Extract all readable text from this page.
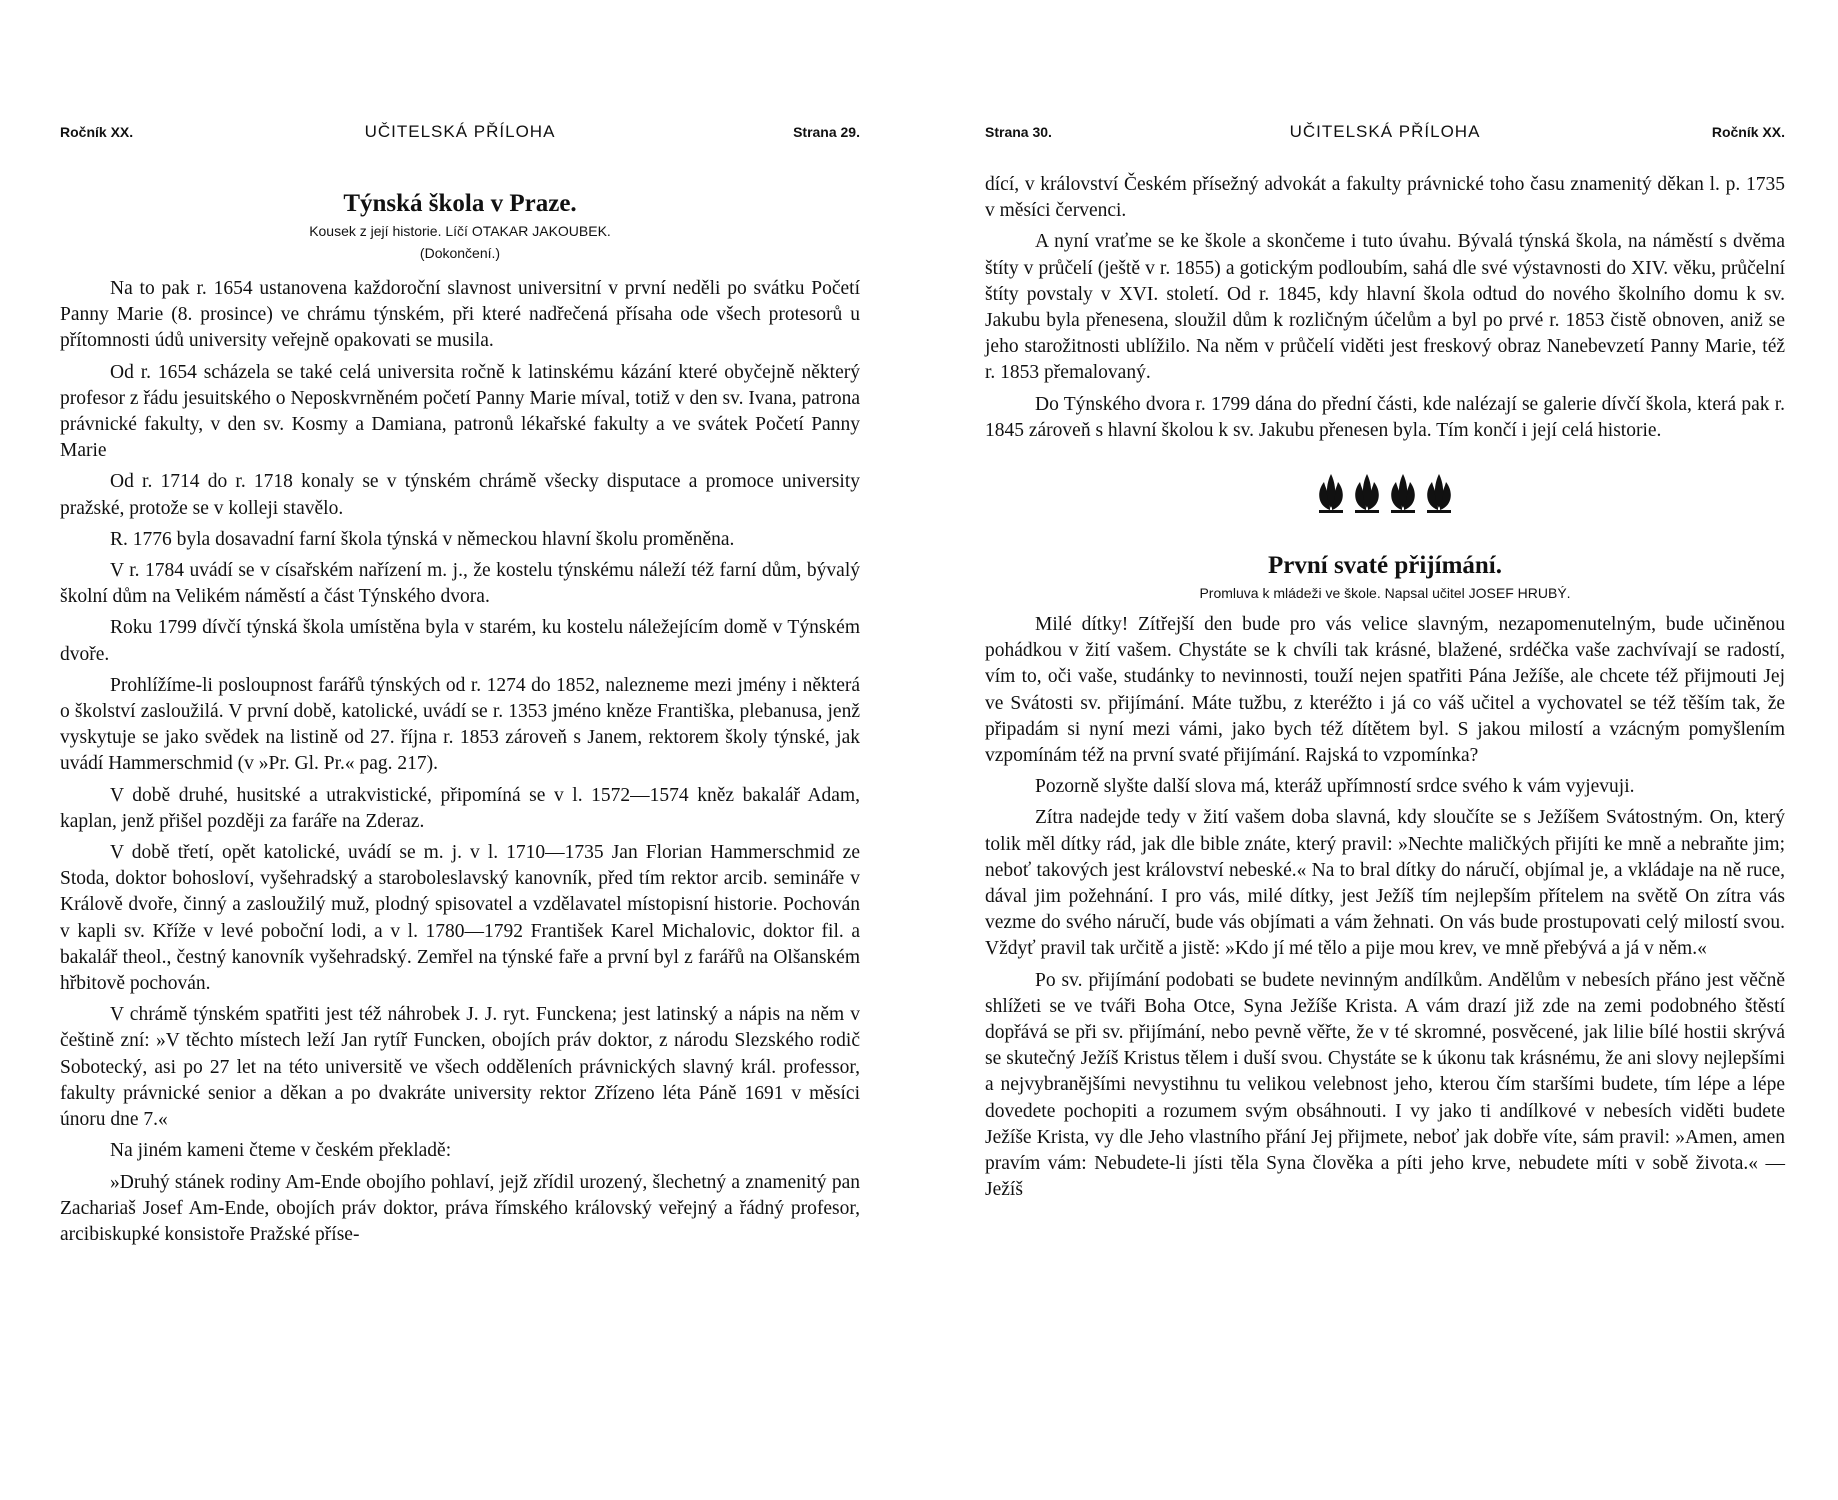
Ročník XX.	UČITELSKÁ PŘÍLOHA	Strana 29.
Týnská škola v Praze.
Kousek z její historie. Líčí OTAKAR JAKOUBEK.
(Dokončení.)

Na to pak r. 1654 ustanovena každoroční slavnost universitní v první neděli po svátku Početí Panny Marie (8. prosince) ve chrámu týnském, při které nadřečená přísaha ode všech protesorů u přítomnosti údů university veřejně opakovati se musila.

Od r. 1654 scházela se také celá universita ročně k latinskému kázání které obyčejně některý profesor z řádu jesuitského o Neposkvrněném početí Panny Marie míval, totiž v den sv. Ivana, patrona právnické fakulty, v den sv. Kosmy a Damiana, patronů lékařské fakulty a ve svátek Početí Panny Marie

Od r. 1714 do r. 1718 konaly se v týnském chrámě všecky disputace a promoce university pražské, protože se v kolleji stavělo.

R. 1776 byla dosavadní farní škola týnská v německou hlavní školu proměněna.

V r. 1784 uvádí se v císařském nařízení m. j., že kostelu týnskému náleží též farní dům, bývalý školní dům na Velikém náměstí a část Týnského dvora.

Roku 1799 dívčí týnská škola umístěna byla v starém, ku kostelu náležejícím domě v Týnském dvoře.

Prohlížíme-li posloupnost farářů týnských od r. 1274 do 1852, nalezneme mezi jmény i některá o školství zasloužilá. V první době, katolické, uvádí se r. 1353 jméno kněze Františka, plebanusa, jenž vyskytuje se jako svědek na listině od 27. října r. 1853 zároveň s Janem, rektorem školy týnské, jak uvádí Hammerschmid (v »Pr. Gl. Pr.« pag. 217).

V době druhé, husitské a utrakvistické, připomíná se v l. 1572—1574 kněz bakalář Adam, kaplan, jenž přišel později za faráře na Zderaz.

V době třetí, opět katolické, uvádí se m. j. v l. 1710—1735 Jan Florian Hammerschmid ze Stoda, doktor bohosloví, vyšehradský a staroboleslavský kanovník, před tím rektor arcib. semináře v Králově dvoře, činný a zasloužilý muž, plodný spisovatel a vzdělavatel místopisní historie. Pochován v kapli sv. Kříže v levé poboční lodi, a v l. 1780—1792 František Karel Michalovic, doktor fil. a bakalář theol., čestný kanovník vyšehradský. Zemřel na týnské faře a první byl z farářů na Olšanském hřbitově pochován.

V chrámě týnském spatřiti jest též náhrobek J. J. ryt. Funckena; jest latinský a nápis na něm v češtině zní: »V těchto místech leží Jan rytíř Funcken, obojích práv doktor, z národu Slezského rodič Sobotecký, asi po 27 let na této universitě ve všech odděleních právnických slavný král. professor, fakulty právnické senior a děkan a po dvakráte university rektor Zřízeno léta Páně 1691 v měsíci únoru dne 7.«

Na jiném kameni čteme v českém překladě:

»Druhý stánek rodiny Am-Ende obojího pohlaví, jejž zřídil urozený, šlechetný a znamenitý pan Zachariaš Josef Am-Ende, obojích práv doktor, práva římského královský veřejný a řádný profesor, arcibiskupké konsistoře Pražské příse-

Strana 30.	UČITELSKÁ PŘÍLOHA	Ročník XX.

dící, v království Českém přísežný advokát a fakulty právnické toho času znamenitý děkan l. p. 1735 v měsíci červenci.

A nyní vraťme se ke škole a skončeme i tuto úvahu. Bývalá týnská škola, na náměstí s dvěma štíty v průčelí (ještě v r. 1855) a gotickým podloubím, sahá dle své výstavnosti do XIV. věku, průčelní štíty povstaly v XVI. století. Od r. 1845, kdy hlavní škola odtud do nového školního domu k sv. Jakubu byla přenesena, sloužil dům k rozličným účelům a byl po prvé r. 1853 čistě obnoven, aniž se jeho starožitnosti ublížilo. Na něm v průčelí viděti jest freskový obraz Nanebevzetí Panny Marie, též r. 1853 přemalovaný.

Do Týnského dvora r. 1799 dána do přední části, kde nalézají se galerie dívčí škola, která pak r. 1845 zároveň s hlavní školou k sv. Jakubu přenesen byla. Tím končí i její celá historie.

První svaté přijímání.
Promluva k mládeži ve škole. Napsal učitel JOSEF HRUBÝ.

Milé dítky! Zítřejší den bude pro vás velice slavným, nezapomenutelným, bude učiněnou pohádkou v žití vašem. Chystáte se k chvíli tak krásné, blažené, srdéčka vaše zachvívají se radostí, vím to, oči vaše, studánky to nevinnosti, touží nejen spatřiti Pána Ježíše, ale chcete též přijmouti Jej ve Svátosti sv. přijímání. Máte tužbu, z kteréžto i já co váš učitel a vychovatel se též těším tak, že připadám si nyní mezi vámi, jako bych též dítětem byl. S jakou milostí a vzácným pomyšlením vzpomínám též na první svaté přijímání. Rajská to vzpomínka?

Pozorně slyšte další slova má, kteráž upřímností srdce svého k vám vyjevuji.

Zítra nadejde tedy v žití vašem doba slavná, kdy sloučíte se s Ježíšem Svátostným. On, který tolik měl dítky rád, jak dle bible znáte, který pravil: »Nechte maličkých přijíti ke mně a nebraňte jim; neboť takových jest království nebeské.« Na to bral dítky do náručí, objímal je, a vkládaje na ně ruce, dával jim požehnání. I pro vás, milé dítky, jest Ježíš tím nejlepším přítelem na světě On zítra vás vezme do svého náručí, bude vás objímati a vám žehnati. On vás bude prostupovati celý milostí svou. Vždyť pravil tak určitě a jistě: »Kdo jí mé tělo a pije mou krev, ve mně přebývá a já v něm.«

Po sv. přijímání podobati se budete nevinným andílkům. Andělům v nebesích přáno jest věčně shlížeti se ve tváři Boha Otce, Syna Ježíše Krista. A vám drazí již zde na zemi podobného štěstí dopřává se při sv. přijímání, nebo pevně věřte, že v té skromné, posvěcené, jak lilie bílé hostii skrývá se skutečný Ježíš Kristus tělem i duší svou. Chystáte se k úkonu tak krásnému, že ani slovy nejlepšími a nejvybranějšími nevystihnu tu velikou velebnost jeho, kterou čím staršími budete, tím lépe a lépe dovedete pochopiti a rozumem svým obsáhnouti. I vy jako ti andílkové v nebesích viděti budete Ježíše Krista, vy dle Jeho vlastního přání Jej přijmete, neboť jak dobře víte, sám pravil: »Amen, amen pravím vám: Nebudete-li jísti těla Syna člověka a píti jeho krve, nebudete míti v sobě života.« — Ježíš
